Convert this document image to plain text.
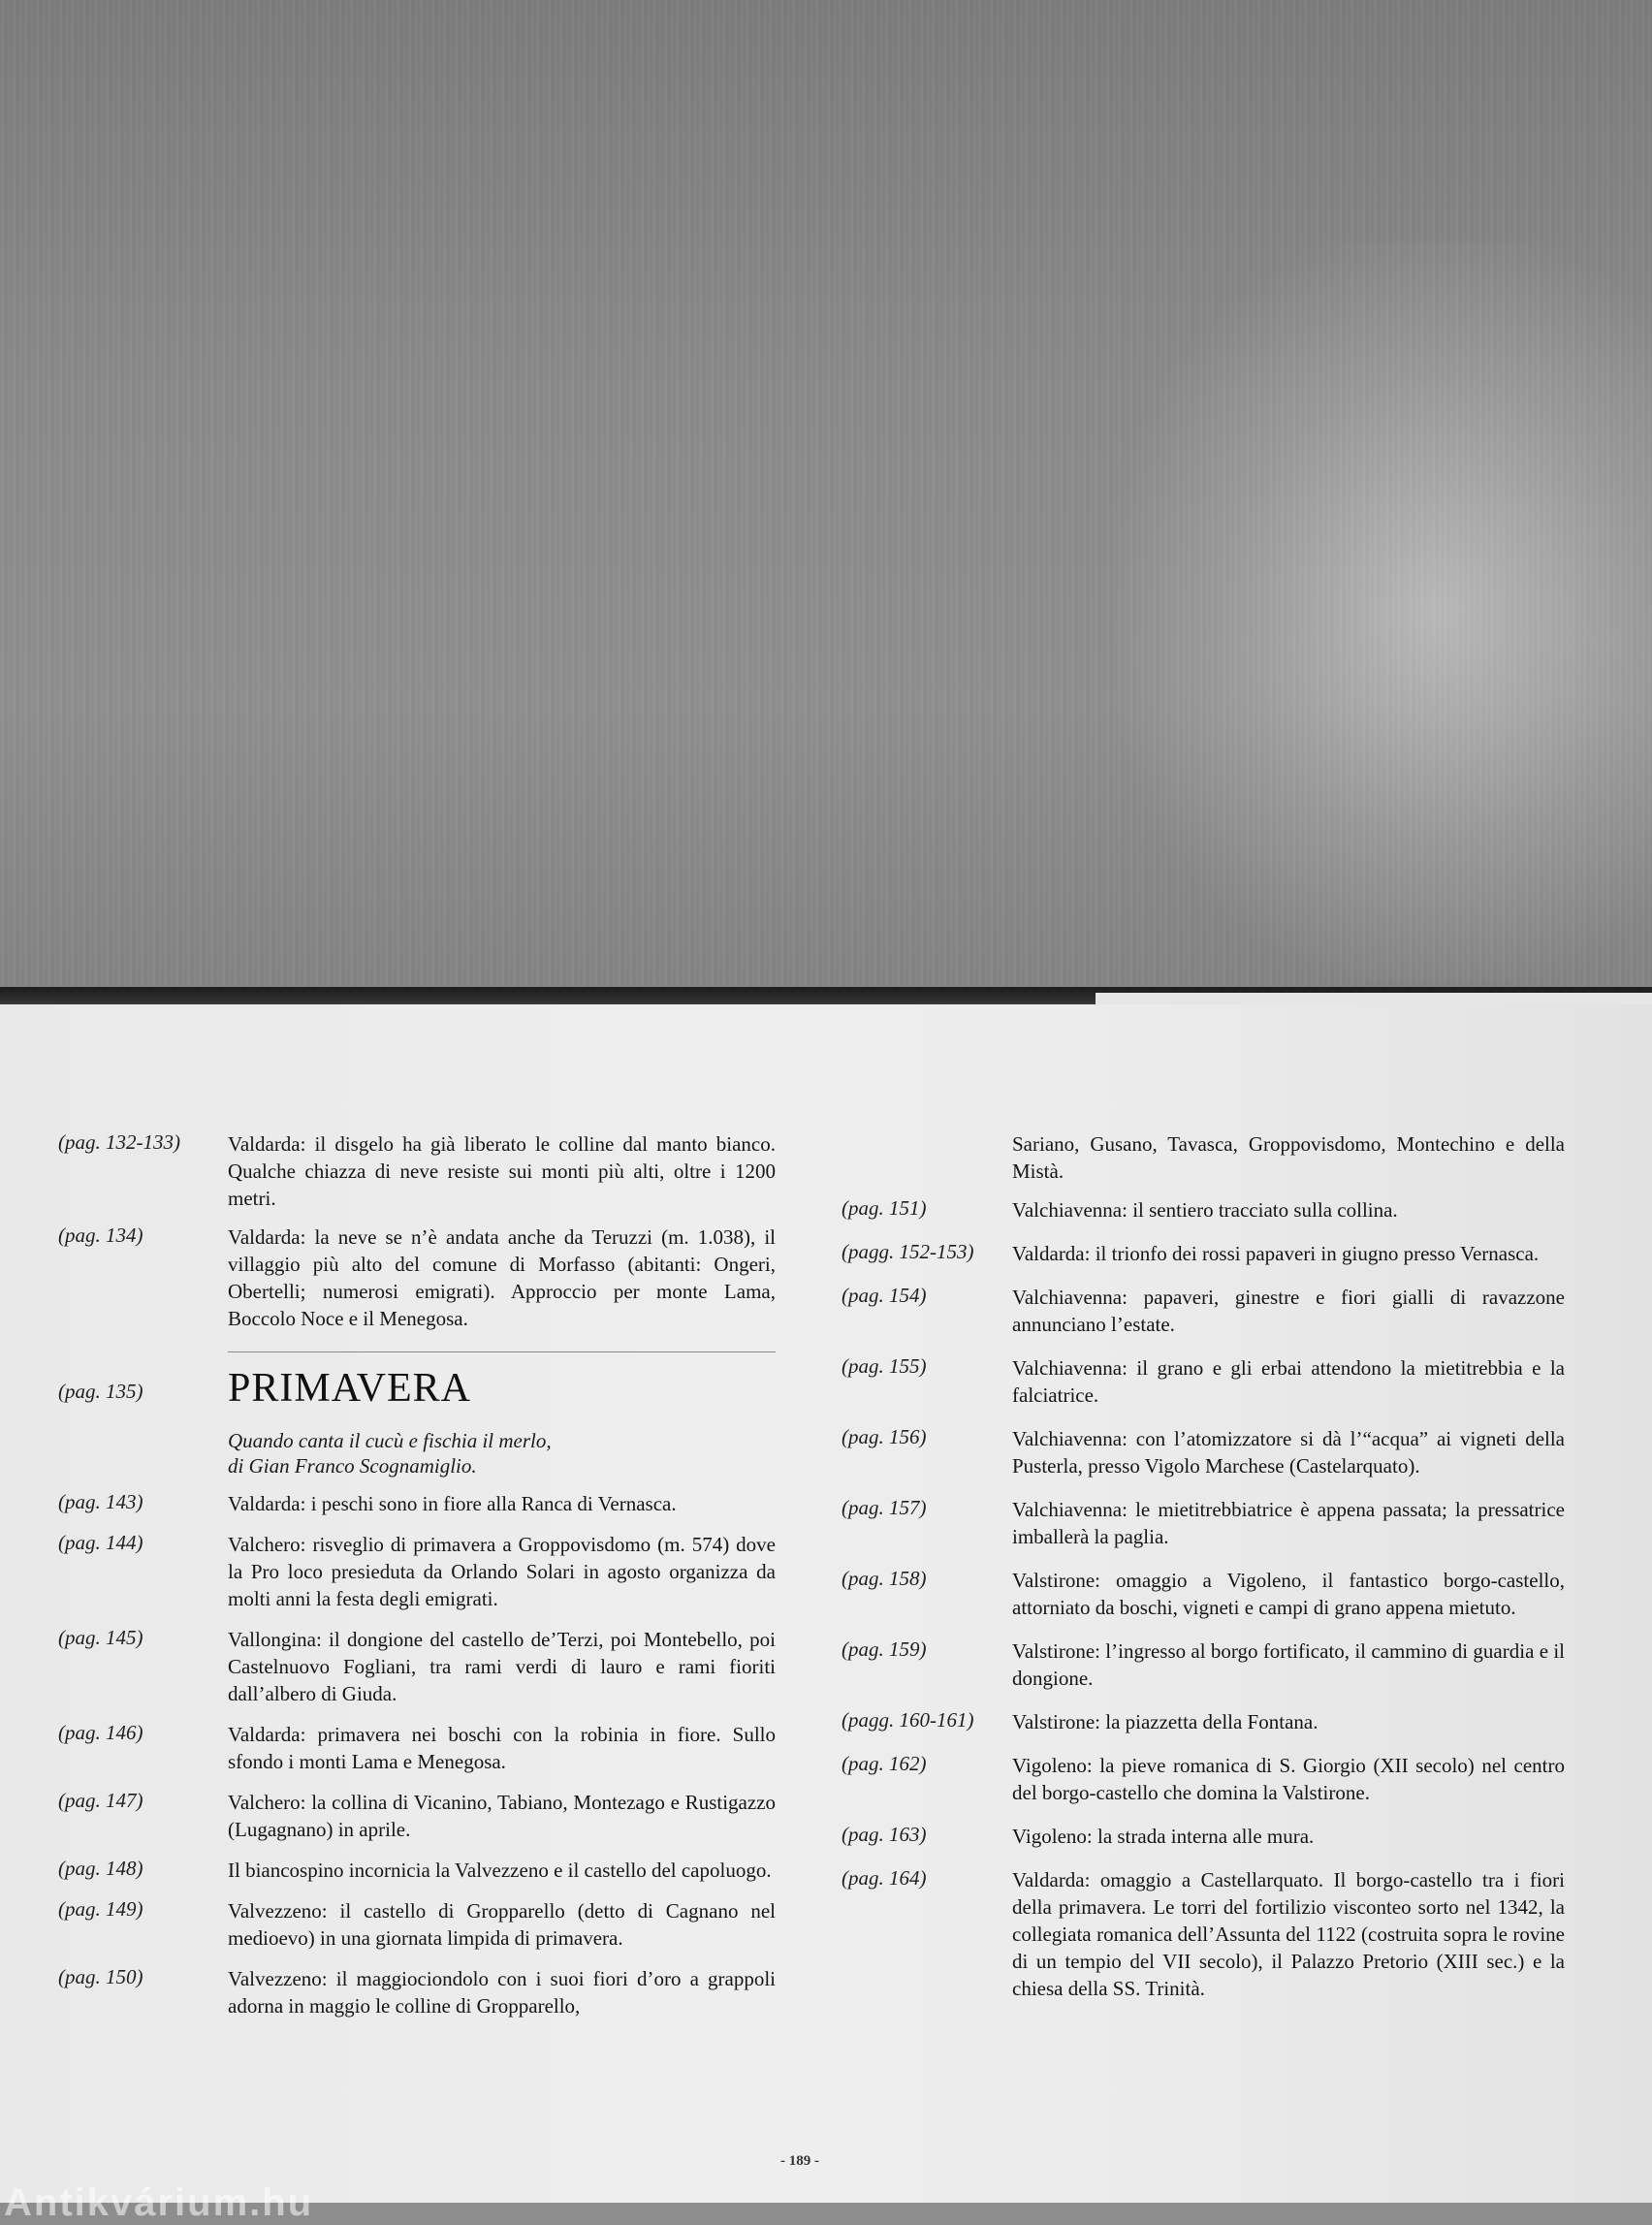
(pag. 132-133) Valdarda: il disgelo ha già liberato le colline dal manto bianco. Qualche chiazza di neve resiste sui monti più alti, oltre i 1200 metri.
(pag. 134)	Valdarda: la neve se n’è andata anche da Teruzzi (m. 1.038), il villaggio più alto del comune di Morfasso (abitanti: Ongeri, Obertelli; numerosi emigrati). Approccio per monte Lama, Boccolo Noce e il Menegosa.
(pag. 135) PRIMAVERA
Quando canta il cucù e fischia il merlo,
di Gian Franco Scognamiglio.
(pag. 143)	Valdarda: i peschi sono in fiore alla Ranca di Vernasca.
(pag. 144)	Valchero: risveglio di primavera a Groppovisdomo (m. 574) dove la Pro loco presieduta da Orlando Solari in agosto organizza da molti anni la festa degli emigrati.
(pag. 145)	Vallongina: il dongione del castello de’Terzi, poi Montebello, poi Castelnuovo Fogliani, tra rami verdi di lauro e rami fioriti dall’albero di Giuda.
(pag. 146)	Valdarda: primavera nei boschi con la robinia in fiore. Sullo sfondo i monti Lama e Menegosa.
(pag. 147)	Valchero: la collina di Vicanino, Tabiano, Montezago e Rustigazzo (Lugagnano) in aprile.
(pag. 148)	Il biancospino incornicia la Valvezzeno e il castello del capoluogo.
(pag. 149)	Valvezzeno: il castello di Gropparello (detto di Cagnano nel medioevo) in una giornata limpida di primavera.
(pag. 150)	Valvezzeno: il maggiociondolo con i suoi fiori d’oro a grappoli adorna in maggio le colline di Gropparello,
Sariano, Gusano, Tavasca, Groppovisdomo, Montechino e della Mistà.
(pag. 151)	Valchiavenna: il sentiero tracciato sulla collina.
(pagg. 152-153) Valdarda: il trionfo dei rossi papaveri in giugno presso Vernasca.
(pag. 154)	Valchiavenna: papaveri, ginestre e fiori gialli di ravazzone annunciano l’estate.
(pag. 155)	Valchiavenna: il grano e gli erbai attendono la mietitrebbia e la falciatrice.
(pag. 156)	Valchiavenna: con l’atomizzatore si dà l’“acqua” ai vigneti della Pusterla, presso Vigolo Marchese (Castelarquato).
(pag. 157)	Valchiavenna: le mietitrebbiatrice è appena passata; la pressatrice imballerà la paglia.
(pag. 158)	Valstirone: omaggio a Vigoleno, il fantastico borgo-castello, attorniato da boschi, vigneti e campi di grano appena mietuto.
(pag. 159)	Valstirone: l’ingresso al borgo fortificato, il cammino di guardia e il dongione.
(pagg. 160-161) Valstirone: la piazzetta della Fontana.
(pag. 162)	Vigoleno: la pieve romanica di S. Giorgio (XII secolo) nel centro del borgo-castello che domina la Valstirone.
(pag. 163)	Vigoleno: la strada interna alle mura.
(pag. 164)	Valdarda: omaggio a Castellarquato. Il borgo-castello tra i fiori della primavera. Le torri del fortilizio visconteo sorto nel 1342, la collegiata romanica dell’Assunta del 1122 (costruita sopra le rovine di un tempio del VII secolo), il Palazzo Pretorio (XIII sec.) e la chiesa della SS. Trinità.
- 189 -
Antikvárium.hu
